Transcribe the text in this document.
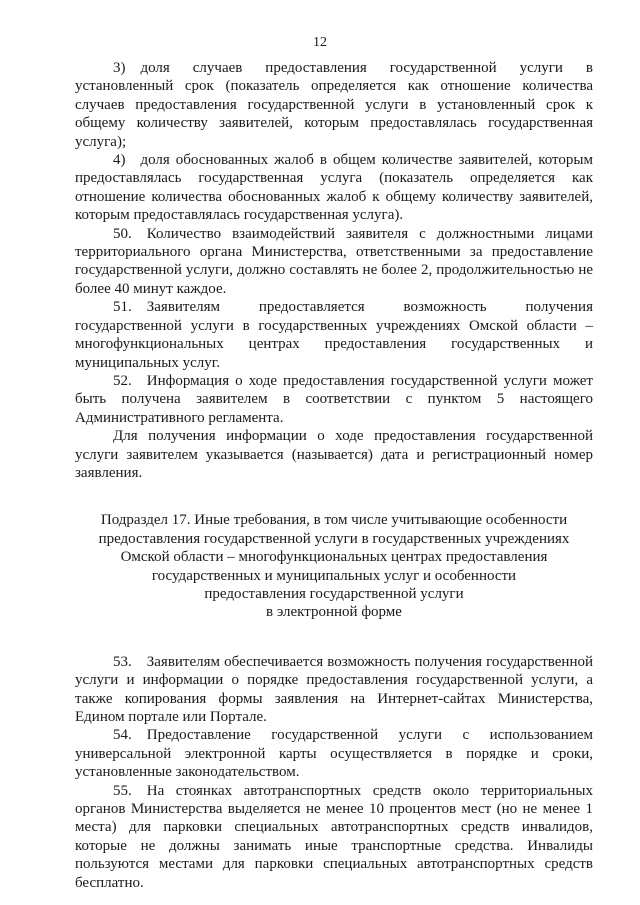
12

3) доля случаев предоставления государственной услуги в установленный срок (показатель определяется как отношение количества случаев предоставления государственной услуги в установленный срок к общему количеству заявителей, которым предоставлялась государственная услуга);

4) доля обоснованных жалоб в общем количестве заявителей, которым предоставлялась государственная услуга (показатель определяется как отношение количества обоснованных жалоб к общему количеству заявителей, которым предоставлялась государственная услуга).

50. Количество взаимодействий заявителя с должностными лицами территориального органа Министерства, ответственными за предоставление государственной услуги, должно составлять не более 2, продолжительностью не более 40 минут каждое.

51. Заявителям предоставляется возможность получения государственной услуги в государственных учреждениях Омской области – многофункциональных центрах предоставления государственных и муниципальных услуг.

52. Информация о ходе предоставления государственной услуги может быть получена заявителем в соответствии с пунктом 5 настоящего Административного регламента.

Для получения информации о ходе предоставления государственной услуги заявителем указывается (называется) дата и регистрационный номер заявления.

Подраздел 17. Иные требования, в том числе учитывающие особенности
предоставления государственной услуги в государственных учреждениях
Омской области – многофункциональных центрах предоставления
государственных и муниципальных услуг и особенности
предоставления государственной услуги
в электронной форме

53. Заявителям обеспечивается возможность получения государственной услуги и информации о порядке предоставления государственной услуги, а также копирования формы заявления на Интернет-сайтах Министерства, Едином портале или Портале.

54. Предоставление государственной услуги с использованием универсальной электронной карты осуществляется в порядке и сроки, установленные законодательством.

55. На стоянках автотранспортных средств около территориальных органов Министерства выделяется не менее 10 процентов мест (но не менее 1 места) для парковки специальных автотранспортных средств инвалидов, которые не должны занимать иные транспортные средства. Инвалиды пользуются местами для парковки специальных автотранспортных средств бесплатно.
